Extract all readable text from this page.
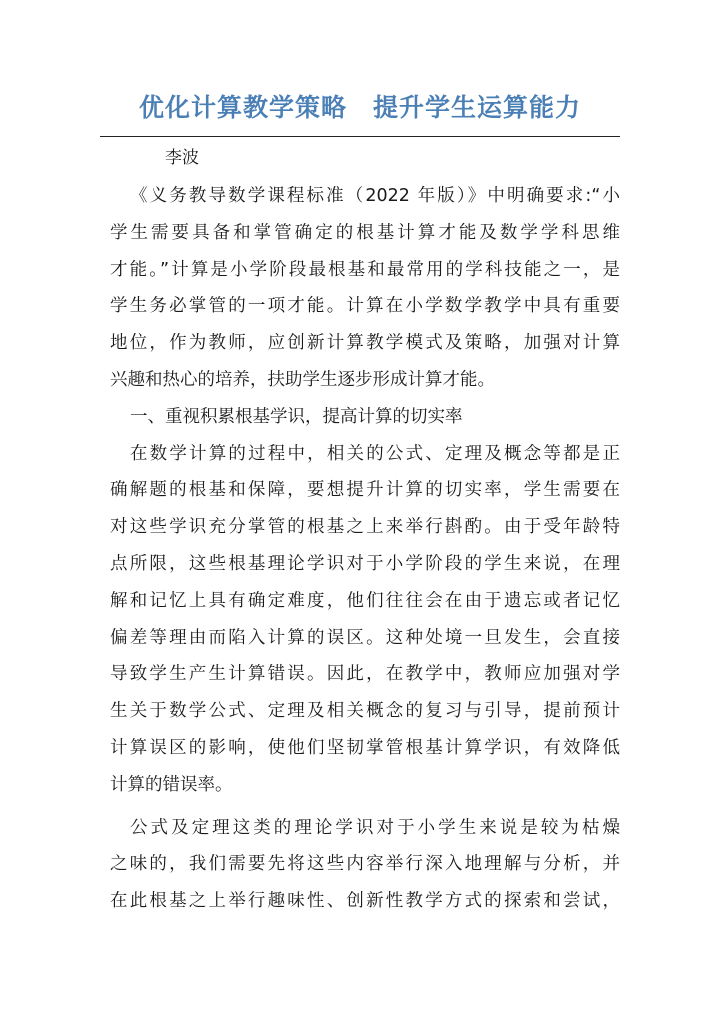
优化计算教学策略　提升学生运算能力
李波
《义务教导数学课程标准（2022 年版）》中明确要求:“小
学生需要具备和掌管确定的根基计算才能及数学学科思维
才能。”计算是小学阶段最根基和最常用的学科技能之一，是
学生务必掌管的一项才能。计算在小学数学教学中具有重要
地位，作为教师，应创新计算教学模式及策略，加强对计算
兴趣和热心的培养，扶助学生逐步形成计算才能。
一、重视积累根基学识，提高计算的切实率
在数学计算的过程中，相关的公式、定理及概念等都是正
确解题的根基和保障，要想提升计算的切实率，学生需要在
对这些学识充分掌管的根基之上来举行斟酌。由于受年龄特
点所限，这些根基理论学识对于小学阶段的学生来说，在理
解和记忆上具有确定难度，他们往往会在由于遗忘或者记忆
偏差等理由而陷入计算的误区。这种处境一旦发生，会直接
导致学生产生计算错误。因此，在教学中，教师应加强对学
生关于数学公式、定理及相关概念的复习与引导，提前预计
计算误区的影响，使他们坚韧掌管根基计算学识，有效降低
计算的错误率。
公式及定理这类的理论学识对于小学生来说是较为枯燥
之味的，我们需要先将这些内容举行深入地理解与分析，并
在此根基之上举行趣味性、创新性教学方式的探索和尝试，
